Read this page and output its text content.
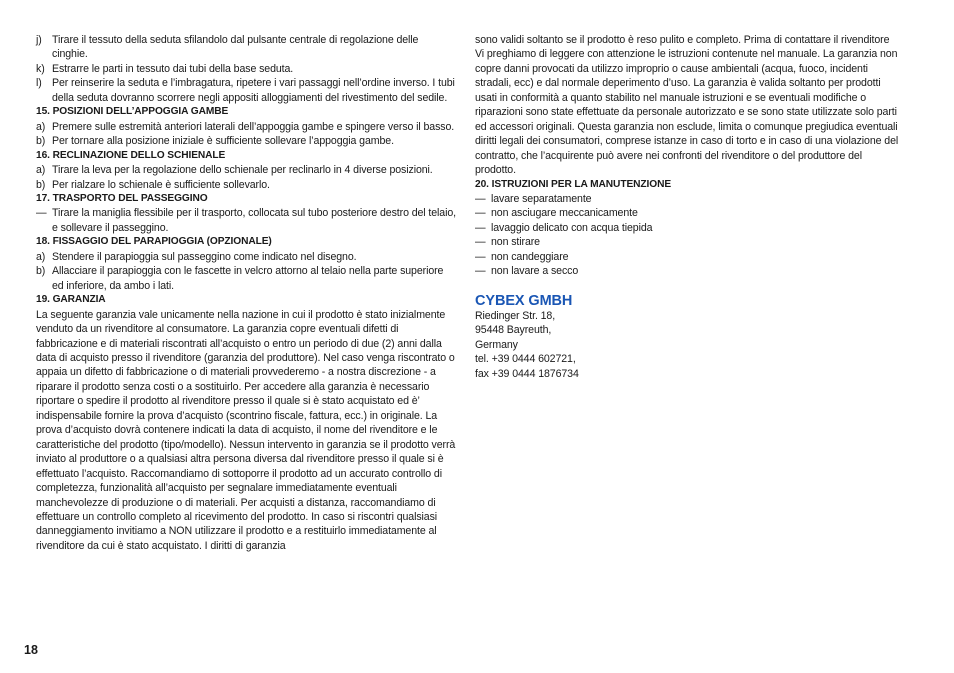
j) Tirare il tessuto della seduta sfilandolo dal pulsante centrale di regolazione delle cinghie.
k) Estrarre le parti in tessuto dai tubi della base seduta.
l) Per reinserire la seduta e l’imbragatura, ripetere i vari passaggi nell’ordine inverso. I tubi della seduta dovranno scorrere negli appositi alloggiamenti del rivestimento del sedile.
15. POSIZIONI DELL’APPOGGIA GAMBE
a) Premere sulle estremità anteriori laterali dell’appoggia gambe e spingere verso il basso.
b) Per tornare alla posizione iniziale è sufficiente sollevare l’appoggia gambe.
16. RECLINAZIONE DELLO SCHIENALE
a) Tirare la leva per la regolazione dello schienale per reclinarlo in 4 diverse posizioni.
b) Per rialzare lo schienale è sufficiente sollevarlo.
17. TRASPORTO DEL PASSEGGINO
— Tirare la maniglia flessibile per il trasporto, collocata sul tubo posteriore destro del telaio, e sollevare il passeggino.
18. FISSAGGIO DEL PARAPIOGGIA (OPZIONALE)
a) Stendere il parapioggia sul passeggino come indicato nel disegno.
b) Allacciare il parapioggia con le fascette in velcro attorno al telaio nella parte superiore ed inferiore, da ambo i lati.
19. GARANZIA
La seguente garanzia vale unicamente nella nazione in cui il prodotto è stato inizialmente venduto da un rivenditore al consumatore. La garanzia copre eventuali difetti di fabbricazione e di materiali riscontrati all’acquisto o entro un periodo di due (2) anni dalla data di acquisto presso il rivenditore (garanzia del produttore). Nel caso venga riscontrato o appaia un difetto di fabbricazione o di materiali provvederemo - a nostra discrezione - a riparare il prodotto senza costi o a sostituirlo. Per accedere alla garanzia è necessario riportare o spedire il prodotto al rivenditore presso il quale si è stato acquistato ed è’ indispensabile fornire la prova d’acquisto (scontrino fiscale, fattura, ecc.) in originale. La prova d’acquisto dovrà contenere indicati la data di acquisto, il nome del rivenditore e le caratteristiche del prodotto (tipo/modello). Nessun intervento in garanzia se il prodotto verrà inviato al produttore o a qualsiasi altra persona diversa dal rivenditore presso il quale si è effettuato l’acquisto. Raccomandiamo di sottoporre il prodotto ad un accurato controllo di completezza, funzionalità all’acquisto per segnalare immediatamente eventuali manchevolezze di produzione o di materiali. Per acquisti a distanza, raccomandiamo di effettuare un controllo completo al ricevimento del prodotto. In caso si riscontri qualsiasi danneggiamento invitiamo a NON utilizzare il prodotto e a restituirlo immediatamente al rivenditore da cui è stato acquistato. I diritti di garanzia
sono validi soltanto se il prodotto è reso pulito e completo. Prima di contattare il rivenditore Vi preghiamo di leggere con attenzione le istruzioni contenute nel manuale. La garanzia non copre danni provocati da utilizzo improprio o cause ambientali (acqua, fuoco, incidenti stradali, ecc) e dal normale deperimento d’uso. La garanzia è valida soltanto per prodotti usati in conformità a quanto stabilito nel manuale istruzioni e se eventuali modifiche o riparazioni sono state effettuate da personale autorizzato e se sono state utilizzate solo parti ed accessori originali. Questa garanzia non esclude, limita o comunque pregiudica eventuali diritti legali dei consumatori, comprese istanze in caso di torto e in caso di una violazione del contratto, che l’acquirente può avere nei confronti del rivenditore o del produttore del prodotto.
20. ISTRUZIONI PER LA MANUTENZIONE
— lavare separatamente
— non asciugare meccanicamente
— lavaggio delicato con acqua tiepida
— non stirare
— non candeggiare
— non lavare a secco
CYBEX GMBH
Riedinger Str. 18,
95448 Bayreuth,
Germany
tel. +39 0444 602721,
fax +39 0444 1876734
18
